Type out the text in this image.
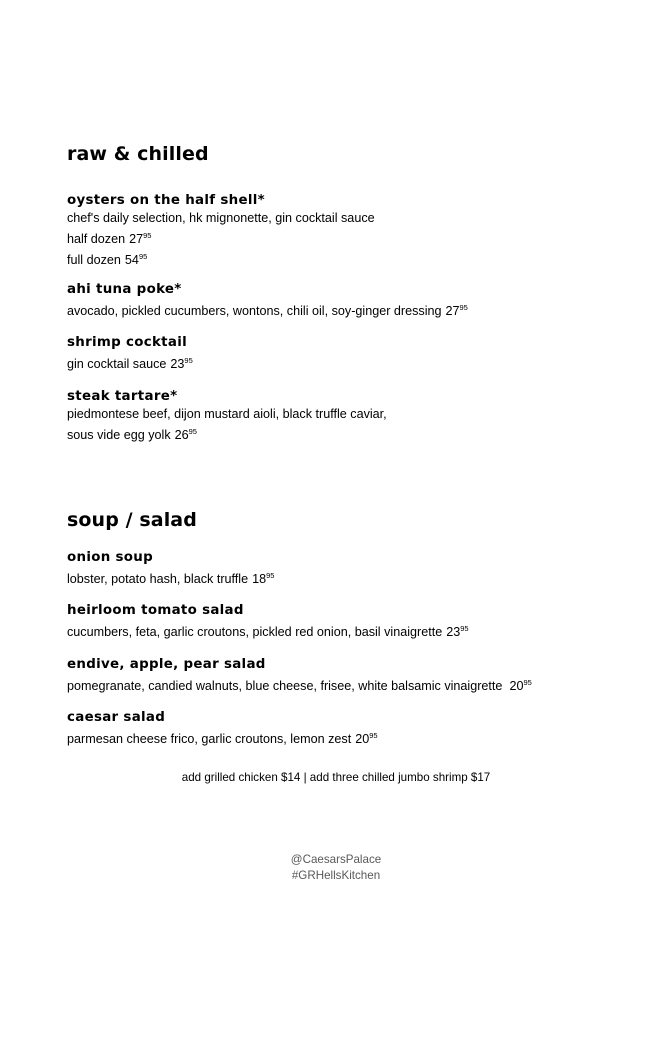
raw & chilled
oysters on the half shell*
chef's daily selection, hk mignonette, gin cocktail sauce
half dozen $27^{95}$
full dozen $54^{95}$
ahi tuna poke*
avocado, pickled cucumbers, wontons, chili oil, soy-ginger dressing $27^{95}$
shrimp cocktail
gin cocktail sauce $23^{95}$
steak tartare*
piedmontese beef, dijon mustard aioli, black truffle caviar,
sous vide egg yolk $26^{95}$
soup / salad
onion soup
lobster, potato hash, black truffle $18^{95}$
heirloom tomato salad
cucumbers, feta, garlic croutons, pickled red onion, basil vinaigrette $23^{95}$
endive, apple, pear salad
pomegranate, candied walnuts, blue cheese, frisee, white balsamic vinaigrette $20^{95}$
caesar salad
parmesan cheese frico, garlic croutons, lemon zest $20^{95}$
add grilled chicken $14 | add three chilled jumbo shrimp $17
@CaesarsPalace
#GRHellsKitchen
